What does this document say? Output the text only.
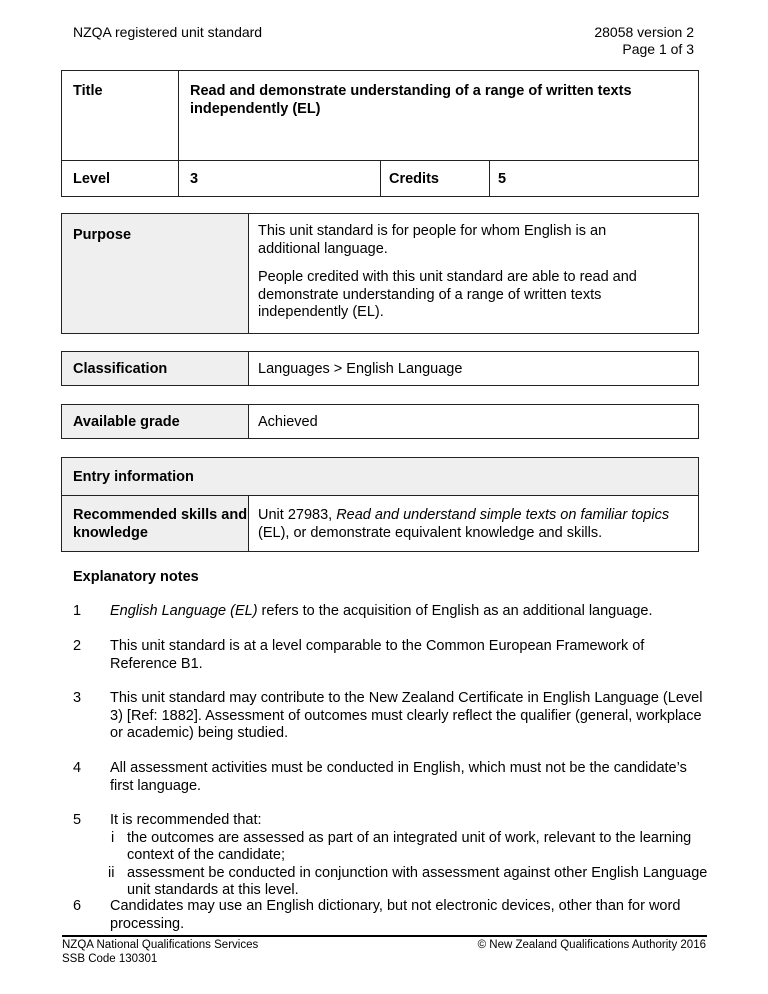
NZQA registered unit standard	28058 version 2
Page 1 of 3
Title	Read and demonstrate understanding of a range of written texts independently (EL)		
Level	3	Credits	5
Purpose	This unit standard is for people for whom English is an additional language.
People credited with this unit standard are able to read and demonstrate understanding of a range of written texts independently (EL).
Classification	Languages > English Language
Available grade	Achieved
Entry information
Recommended skills and knowledge	Unit 27983, Read and understand simple texts on familiar topics (EL), or demonstrate equivalent knowledge and skills.
Explanatory notes
1 English Language (EL) refers to the acquisition of English as an additional language.
2 This unit standard is at a level comparable to the Common European Framework of Reference B1.
3 This unit standard may contribute to the New Zealand Certificate in English Language (Level 3) [Ref: 1882]. Assessment of outcomes must clearly reflect the qualifier (general, workplace or academic) being studied.
4 All assessment activities must be conducted in English, which must not be the candidate’s first language.
5 It is recommended that:
i the outcomes are assessed as part of an integrated unit of work, relevant to the learning context of the candidate;
ii assessment be conducted in conjunction with assessment against other English Language unit standards at this level.
6 Candidates may use an English dictionary, but not electronic devices, other than for word processing.
NZQA National Qualifications Services
SSB Code 130301
© New Zealand Qualifications Authority 2016
